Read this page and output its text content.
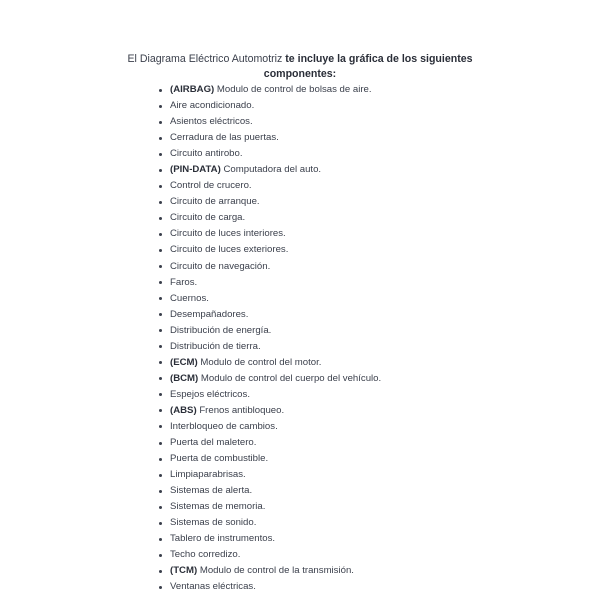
El Diagrama Eléctrico Automotriz te incluye la gráfica de los siguientes componentes:

(AIRBAG) Modulo de control de bolsas de aire.
Aire acondicionado.
Asientos eléctricos.
Cerradura de las puertas.
Circuito antirobo.
(PIN-DATA) Computadora del auto.
Control de crucero.
Circuito de arranque.
Circuito de carga.
Circuito de luces interiores.
Circuito de luces exteriores.
Circuito de navegación.
Faros.
Cuernos.
Desempañadores.
Distribución de energía.
Distribución de tierra.
(ECM) Modulo de control del motor.
(BCM) Modulo de control del cuerpo del vehículo.
Espejos eléctricos.
(ABS) Frenos antibloqueo.
Interbloqueo de cambios.
Puerta del maletero.
Puerta de combustible.
Limpiaparabrisas.
Sistemas de alerta.
Sistemas de memoria.
Sistemas de sonido.
Tablero de instrumentos.
Techo corredizo.
(TCM) Modulo de control de la transmisión.
Ventanas eléctricas.
